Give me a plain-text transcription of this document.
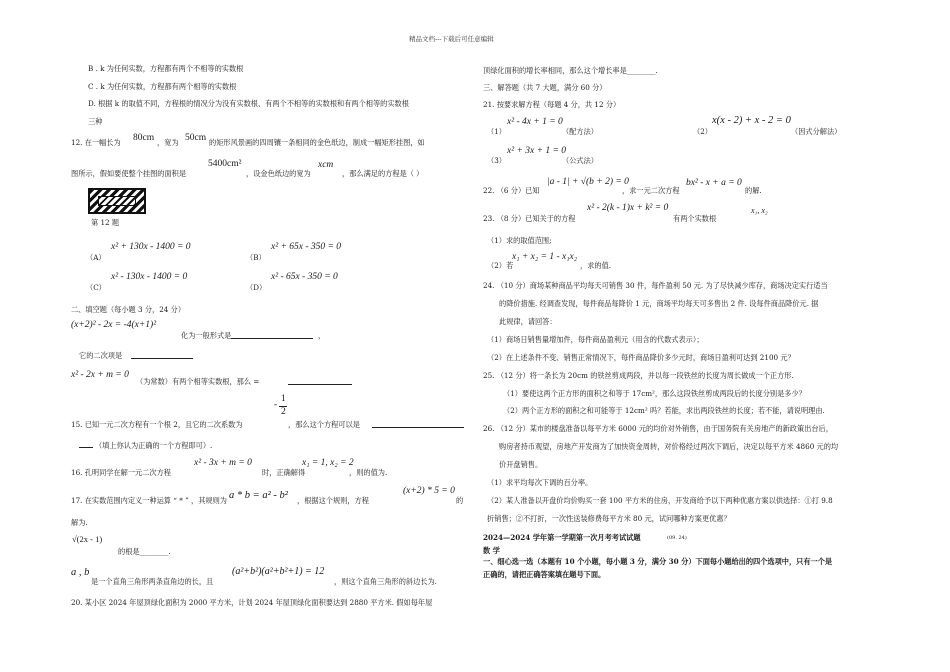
精品文档---下载后可任意编辑
B . k 为任何实数，方程都有两个不相等的实数根
C . k 为任何实数，方程都有两个相等的实数根
D. 根据 k 的取值不同，方程根的情况分为没有实数根、有两个不相等的实数根和有两个相等的实数根
三种
12. 在一幅长为 80cm ，宽为 50cm 的矩形风景画的四周镶一条相同的金色纸边，制成一幅矩形挂图，如
5400cm²
图所示，假如要使整个挂图的面积是	，设金色纸边的宽为
xcm
，那么满足的方程是（ ）
第 12 题
x² + 130x - 1400 = 0
（A）
x² + 65x - 350 = 0
（B）
x² - 130x - 1400 = 0
（C）
x² - 65x - 350 = 0
（D）
二、填空题（每小题 3 分，24 分）
(x+2)² - 2x = -4(x+1)²
化为一般形式是	，
它的二次项是
x² - 2x + m = 0
（为常数）有两个相等实数根，那么 =
1
-
2
15. 已知一元二次方程有一个根 2，且它的二次系数为	，那么这个方程可以是
（填上你认为正确的一个方程即可）.
16. 孔明同学在解一元二次方程
x² - 3x + m = 0
时，正确解得
x₁ = 1, x₂ = 2
，则的值为.
17. 在实数范围内定义一种运算 “ * ” ，其规则为 a * b = a² - b² ，根据这个规则，方程
(x+2) * 5 = 0
的
解为.
√(2x - 1)
的根是________.
a , b
是一个直角三角形两条直角边的长，且
(a²+b²)(a²+b²+1) = 12
，则这个直角三角形的斜边长为.
20. 某小区 2024 年屋顶绿化面积为 2000 平方米，计划 2024 年屋顶绿化面积要达到 2880 平方米. 假如每年屋
顶绿化面积的增长率相同，那么这个增长率是________.
三、解答题（共 7 大题，满分 60 分）
21. 按要求解方程（每题 4 分，共 12 分）
（1）
x² - 4x + 1 = 0
（配方法）	（2）
x(x - 2) + x - 2 = 0
（因式分解法）
（3）
x² + 3x + 1 = 0
（公式法）
22. （6 分）已知
|a - 1| + √(b + 2) = 0
，求一元二次方程
bx² - x + a = 0
的解.
23. （8 分）已知关于的方程
x² - 2(k - 1)x + k² = 0
有两个实数根
x₁, x₂
（1）求的取值范围;
（2）若
x₁ + x₂ = 1 - x₁x₂
，求的值.
24. （10 分）商场某种商品平均每天可销售 30 件，每件盈利 50 元. 为了尽快减少库存，商场决定实行适当
的降价措施. 经调查发现，每件商品每降价 1 元，商场平均每天可多售出 2 件. 设每件商品降价元. 据
此规律，请回答：
（1）商场日销售量增加件，每件商品盈利元（用含的代数式表示）；
（2）在上述条件不变、销售正常情况下，每件商品降价多少元时，商场日盈利可达到 2100 元？
25. （12 分）将一条长为 20cm 的铁丝剪成两段，并以每一段铁丝的长度为周长做成一个正方形.
（1）要使这两个正方形的面积之和等于 17cm²，那么这段铁丝剪成两段后的长度分别是多少？
（2）两个正方形的面积之和可能等于 12cm² 吗？若能，求出两段铁丝的长度；若不能，请说明理由.
26. （12 分）某市的楼盘准备以每平方米 6000 元的均价对外销售，由于国务院有关房地产的新政策出台后，
购房者持币观望，房地产开发商为了加快资金周转，对价格经过两次下调后，决定以每平方米 4860 元的均
价开盘销售。
（1）求平均每次下调的百分率。
（2）某人准备以开盘价均价购买一套 100 平方米的住房，开发商给予以下两种优惠方案以供选择：①打 9.8
折销售；②不打折，一次性送装修费每平方米 80 元，试问哪种方案更优惠？
2024—2024 学年第一学期第一次月考考试试题	(09. 24)
数 学
一、细心选一选（本题有 10 个小题，每小题 3 分，满分 30 分）下面每小题给出的四个选项中，只有一个是
正确的，请把正确答案填在题号下面。
